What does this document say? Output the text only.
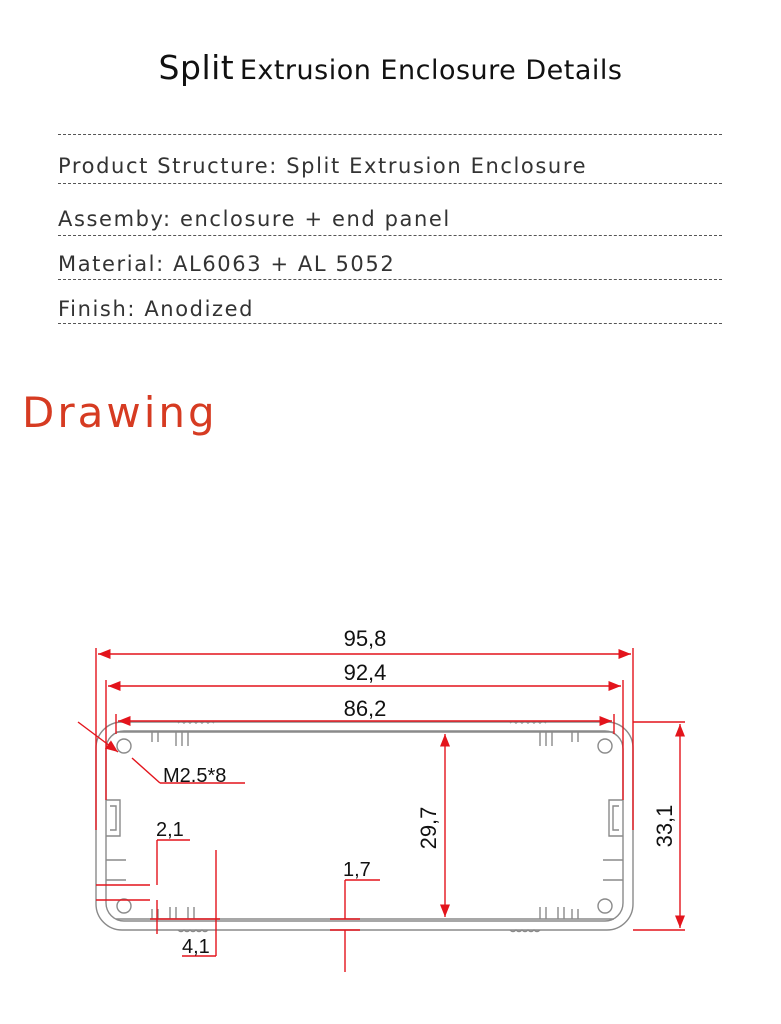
Split Extrusion Enclosure Details
Product Structure: Split Extrusion Enclosure
Assemby: enclosure + end panel
Material: AL6063 + AL 5052
Finish: Anodized
Drawing
95,8
92,4
86,2
29,7	33,1
M2.5*8
2,1
1,7
4,1
